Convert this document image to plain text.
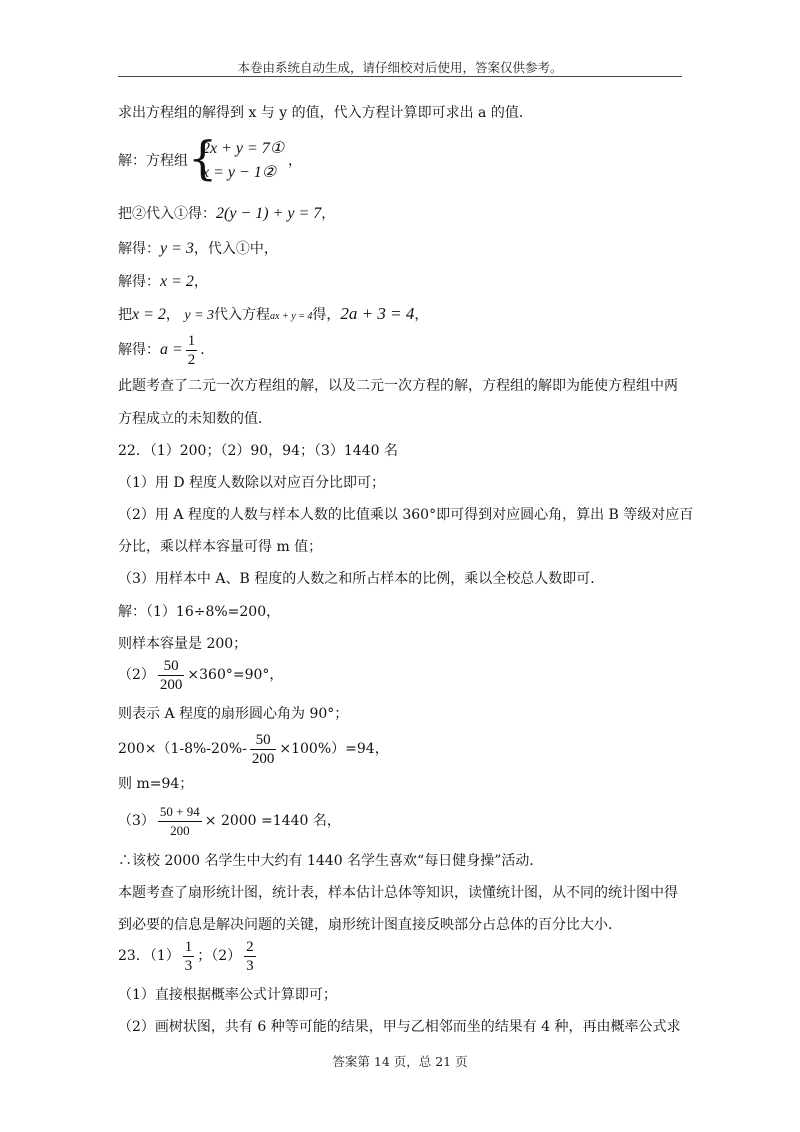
本卷由系统自动生成，请仔细校对后使用，答案仅供参考。
求出方程组的解得到 x 与 y 的值，代入方程计算即可求出 a 的值．
解：方程组 {
2x + y = 7①
x = y − 1②
，
把②代入①得：2(y − 1) + y = 7，
解得：y = 3，代入①中，
解得：x = 2，
把x = 2， y = 3代入方程ax + y = 4得，2a + 3 = 4，
解得：$a = \frac{1}{2}$ ．
此题考查了二元一次方程组的解，以及二元一次方程的解，方程组的解即为能使方程组中两
方程成立的未知数的值．
22．（1）200；（2）90，94；（3）1440 名
（1）用 D 程度人数除以对应百分比即可；
（2）用 A 程度的人数与样本人数的比值乘以 360°即可得到对应圆心角，算出 B 等级对应百
分比，乘以样本容量可得 m 值；
（3）用样本中 A、B 程度的人数之和所占样本的比例，乘以全校总人数即可．
解：（1）16÷8%=200，
则样本容量是 200；
$(2) \frac{50}{200} \times 360^\circ=90^\circ$，
则表示 A 程度的扇形圆心角为 90°；
$200\times(1-8\%-20\%- \frac{50}{200} \times 100\%)=94$，
则 m=94；
$(3) \frac{50 + 94}{200} \times 2000 =1440$ 名，
∴该校 2000 名学生中大约有 1440 名学生喜欢“每日健身操”活动．
本题考查了扇形统计图，统计表，样本估计总体等知识，读懂统计图，从不同的统计图中得
到必要的信息是解决问题的关键，扇形统计图直接反映部分占总体的百分比大小．
23．$(1) \frac{1}{3}$ ；$(2) \frac{2}{3}$
（1）直接根据概率公式计算即可；
（2）画树状图，共有 6 种等可能的结果，甲与乙相邻而坐的结果有 4 种，再由概率公式求
答案第 14 页，总 21 页
